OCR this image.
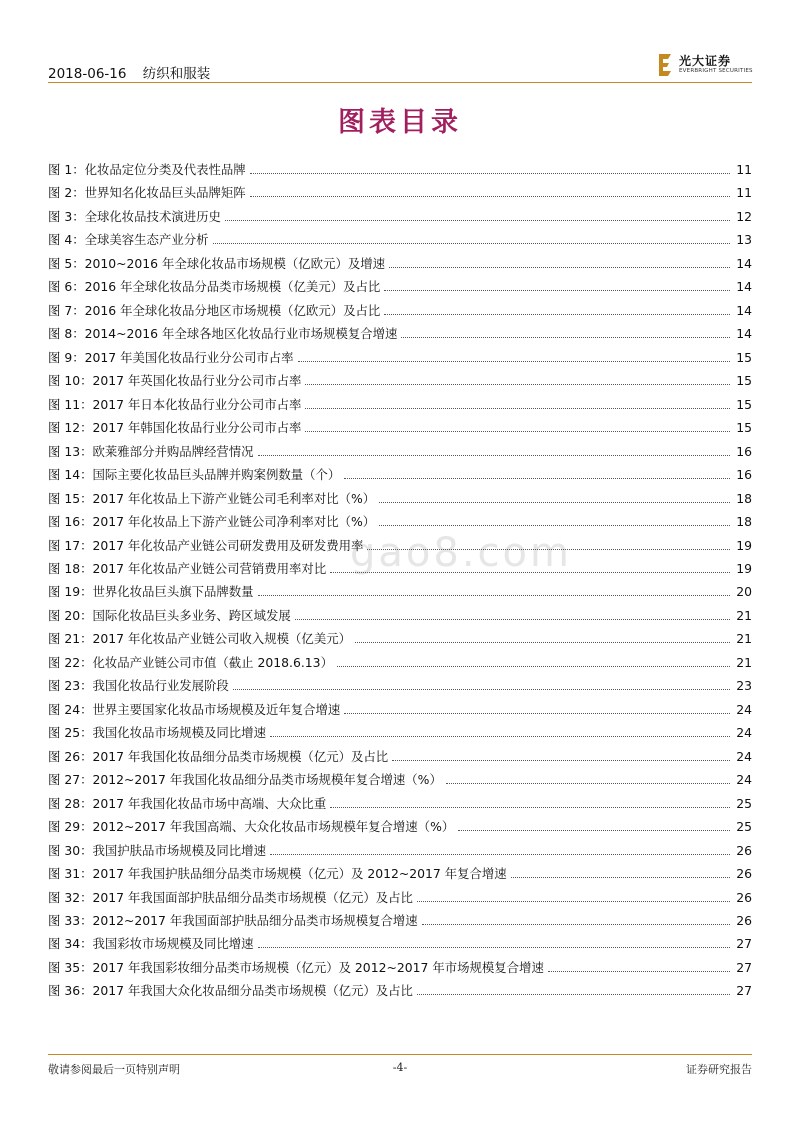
2018-06-16 纺织和服装
光大证券
EVERBRIGHT SECURITIES
图表目录
gao8.com
图 1：化妆品定位分类及代表性品牌	11
图 2：世界知名化妆品巨头品牌矩阵	11
图 3：全球化妆品技术演进历史	12
图 4：全球美容生态产业分析	13
图 5：2010~2016 年全球化妆品市场规模（亿欧元）及增速	14
图 6：2016 年全球化妆品分品类市场规模（亿美元）及占比	14
图 7：2016 年全球化妆品分地区市场规模（亿欧元）及占比	14
图 8：2014~2016 年全球各地区化妆品行业市场规模复合增速	14
图 9：2017 年美国化妆品行业分公司市占率	15
图 10：2017 年英国化妆品行业分公司市占率	15
图 11：2017 年日本化妆品行业分公司市占率	15
图 12：2017 年韩国化妆品行业分公司市占率	15
图 13：欧莱雅部分并购品牌经营情况	16
图 14：国际主要化妆品巨头品牌并购案例数量（个）	16
图 15：2017 年化妆品上下游产业链公司毛利率对比（%）	18
图 16：2017 年化妆品上下游产业链公司净利率对比（%）	18
图 17：2017 年化妆品产业链公司研发费用及研发费用率	19
图 18：2017 年化妆品产业链公司营销费用率对比	19
图 19：世界化妆品巨头旗下品牌数量	20
图 20：国际化妆品巨头多业务、跨区域发展	21
图 21：2017 年化妆品产业链公司收入规模（亿美元）	21
图 22：化妆品产业链公司市值（截止 2018.6.13）	21
图 23：我国化妆品行业发展阶段	23
图 24：世界主要国家化妆品市场规模及近年复合增速	24
图 25：我国化妆品市场规模及同比增速	24
图 26：2017 年我国化妆品细分品类市场规模（亿元）及占比	24
图 27：2012~2017 年我国化妆品细分品类市场规模年复合增速（%）	24
图 28：2017 年我国化妆品市场中高端、大众比重	25
图 29：2012~2017 年我国高端、大众化妆品市场规模年复合增速（%）	25
图 30：我国护肤品市场规模及同比增速	26
图 31：2017 年我国护肤品细分品类市场规模（亿元）及 2012~2017 年复合增速	26
图 32：2017 年我国面部护肤品细分品类市场规模（亿元）及占比	26
图 33：2012~2017 年我国面部护肤品细分品类市场规模复合增速	26
图 34：我国彩妆市场规模及同比增速	27
图 35：2017 年我国彩妆细分品类市场规模（亿元）及 2012~2017 年市场规模复合增速	27
图 36：2017 年我国大众化妆品细分品类市场规模（亿元）及占比	27
敬请参阅最后一页特别声明	-4-	证券研究报告
